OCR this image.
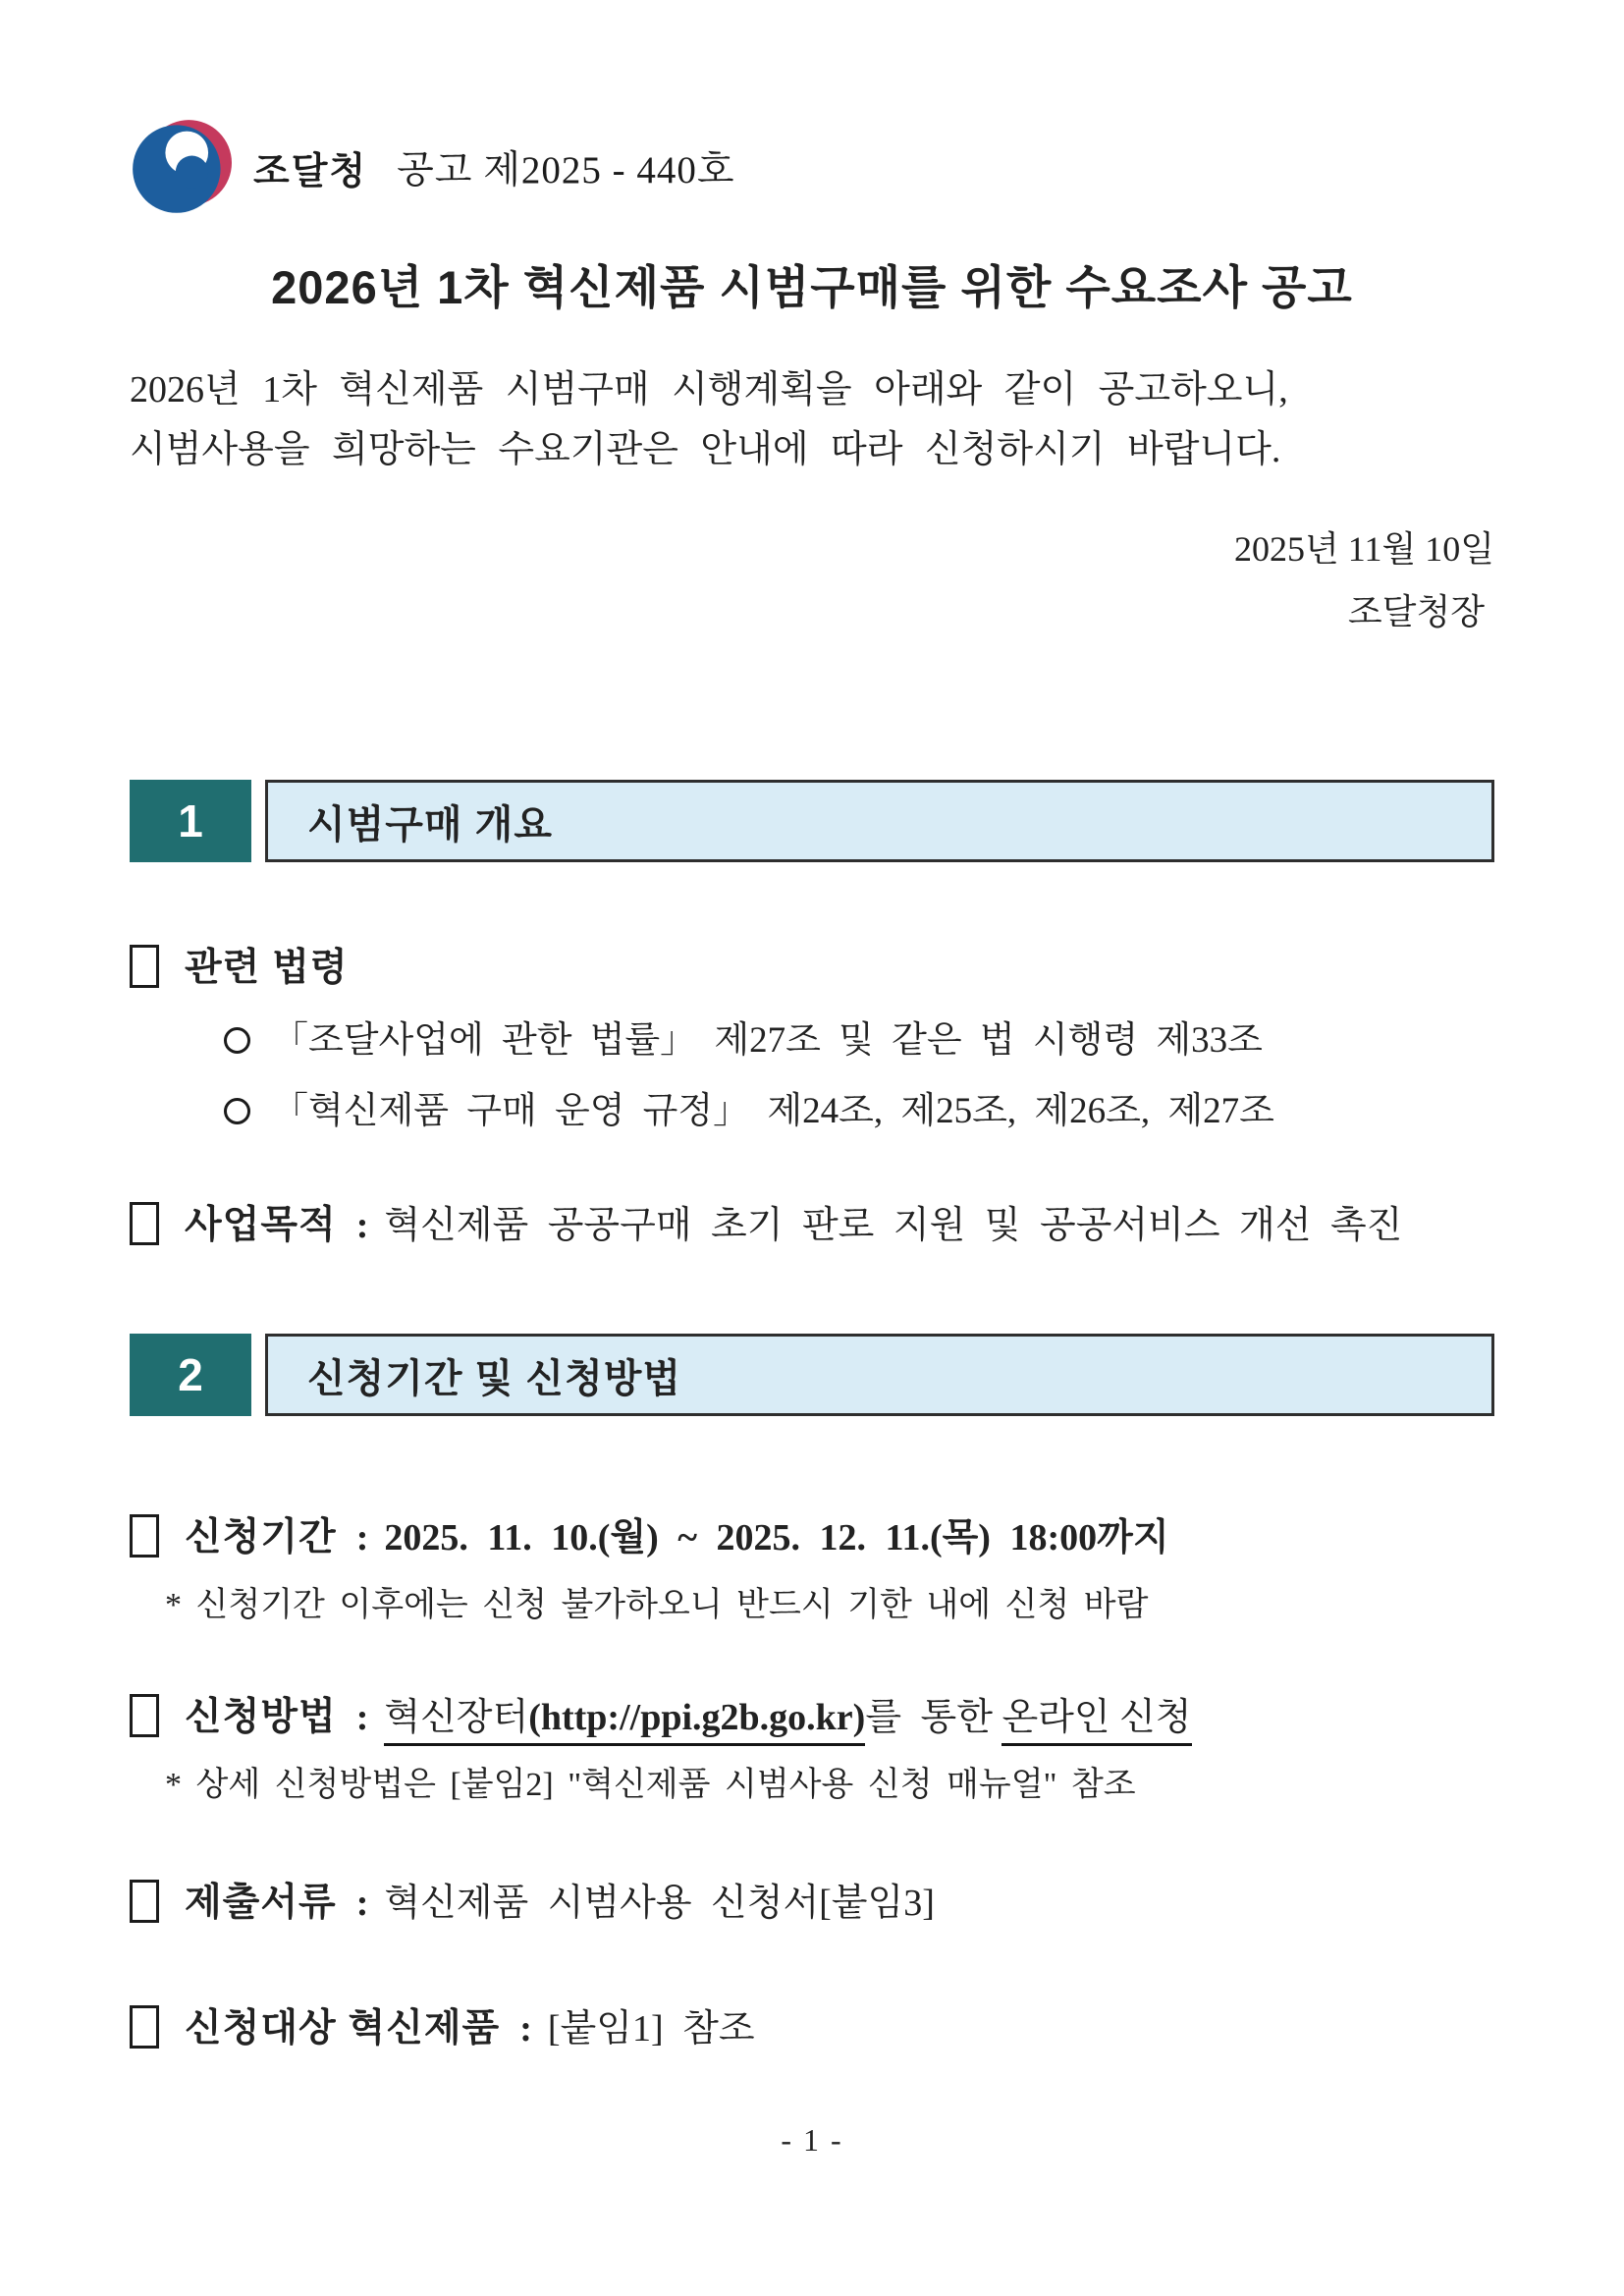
조달청 공고 제2025 - 440호
2026년 1차 혁신제품 시범구매를 위한 수요조사 공고
2026년 1차 혁신제품 시범구매 시행계획을 아래와 같이 공고하오니,
시범사용을 희망하는 수요기관은 안내에 따라 신청하시기 바랍니다.
2025년 11월 10일
조달청장
1	시범구매 개요
관련 법령
「조달사업에 관한 법률」 제27조 및 같은 법 시행령 제33조
「혁신제품 구매 운영 규정」 제24조, 제25조, 제26조, 제27조
사업목적 : 혁신제품 공공구매 초기 판로 지원 및 공공서비스 개선 촉진
2	신청기간 및 신청방법
신청기간 : 2025. 11. 10.(월) ~ 2025. 12. 11.(목) 18:00까지
* 신청기간 이후에는 신청 불가하오니 반드시 기한 내에 신청 바람
신청방법 : 혁신장터(http://ppi.g2b.go.kr)를 통한 온라인 신청
* 상세 신청방법은 [붙임2] "혁신제품 시범사용 신청 매뉴얼" 참조
제출서류 : 혁신제품 시범사용 신청서[붙임3]
신청대상 혁신제품 : [붙임1] 참조
- 1 -
